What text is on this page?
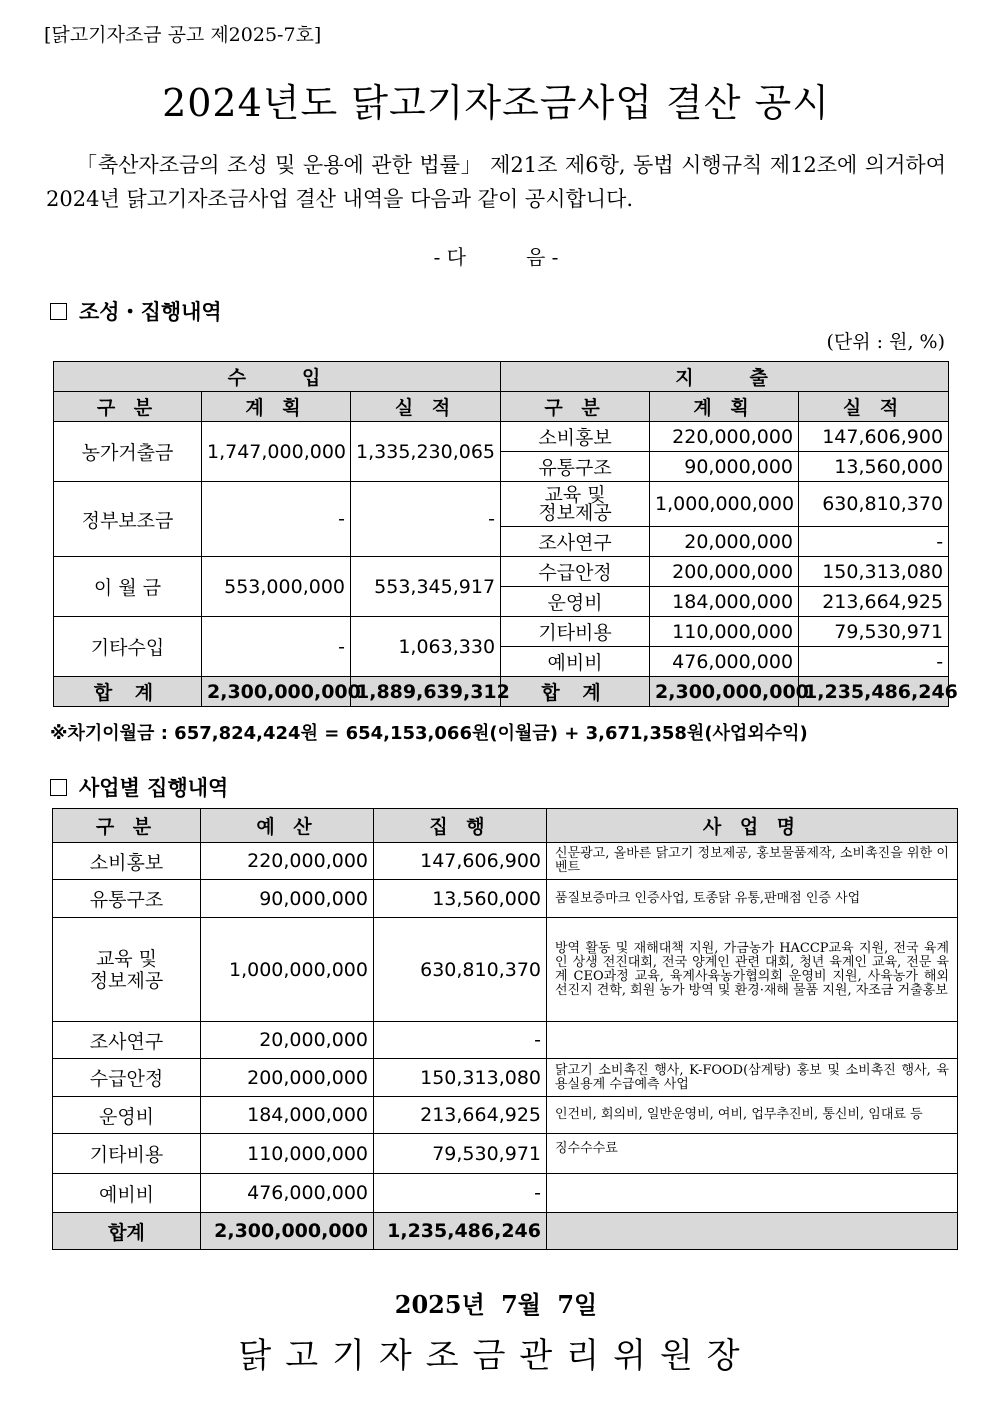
[닭고기자조금 공고 제2025-7호]
2024년도 닭고기자조금사업 결산 공시

「축산자조금의 조성 및 운용에 관한 법률」 제21조 제6항, 동법 시행규칙 제12조에 의거하여 2024년 닭고기자조금사업 결산 내역을 다음과 같이 공시합니다.

- 다　　　음 -
조성・집행내역
(단위 : 원, %)
수　　입			지　　출		
구 분	계 획	실 적	구 분	계 획	실 적
농가거출금	1,747,000,000	1,335,230,065	소비홍보	220,000,000	147,606,900
			유통구조	90,000,000	13,560,000
정부보조금	-	-	교육 및
정보제공	1,000,000,000	630,810,370
			조사연구	20,000,000	-
이 월 금	553,000,000	553,345,917	수급안정	200,000,000	150,313,080
			운영비	184,000,000	213,664,925
기타수입	-	1,063,330	기타비용	110,000,000	79,530,971
			예비비	476,000,000	-
합 계	2,300,000,000	1,889,639,312	합 계	2,300,000,000	1,235,486,246
※차기이월금 : 657,824,424원 = 654,153,066원(이월금) + 3,671,358원(사업외수익)
사업별 집행내역
구 분	예 산	집 행	사 업 명
소비홍보	220,000,000	147,606,900	신문광고, 올바른 닭고기 정보제공, 홍보물품제작, 소비촉진을 위한 이벤트
유통구조	90,000,000	13,560,000	품질보증마크 인증사업, 토종닭 유통,판매점 인증 사업
교육 및
정보제공	1,000,000,000	630,810,370	방역 활동 및 재해대책 지원, 가금농가 HACCP교육 지원, 전국 육계인 상생 전진대회, 전국 양계인 관련 대회, 청년 육계인 교육, 전문 육계 CEO과정 교육, 육계사육농가협의회 운영비 지원, 사육농가 해외 선진지 견학, 회원 농가 방역 및 환경·재해 물품 지원, 자조금 거출홍보
조사연구	20,000,000	-	
수급안정	200,000,000	150,313,080	닭고기 소비촉진 행사, K-FOOD(삼계탕) 홍보 및 소비촉진 행사, 육용실용계 수급예측 사업
운영비	184,000,000	213,664,925	인건비, 회의비, 일반운영비, 여비, 업무추진비, 통신비, 임대료 등
기타비용	110,000,000	79,530,971	징수수수료
예비비	476,000,000	-	
합계	2,300,000,000	1,235,486,246	
2025년 7월 7일
닭고기자조금관리위원장
